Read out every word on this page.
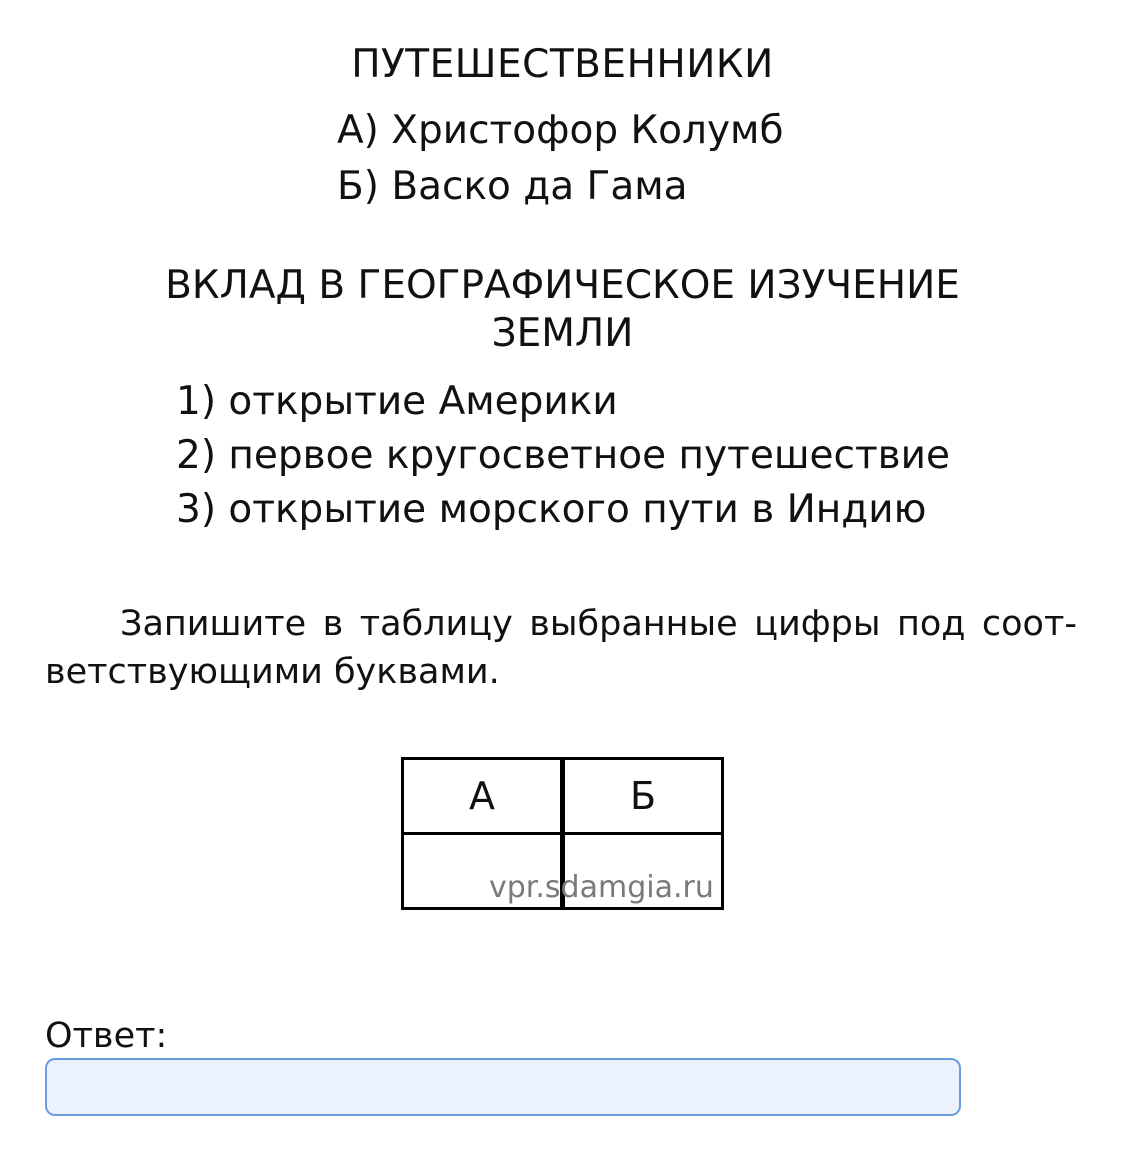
ПУТЕШЕСТВЕННИКИ
А) Христофор Колумб
Б) Васко да Гама
ВКЛАД В ГЕОГРАФИЧЕСКОЕ ИЗУЧЕНИЕ
ЗЕМЛИ
1) открытие Америки
2) первое кругосветное путешествие
3) открытие морского пути в Индию
Запишите в таблицу выбранные цифры под соответствующими буквами.
А	Б

vpr.sdamgia.ru
Ответ:
